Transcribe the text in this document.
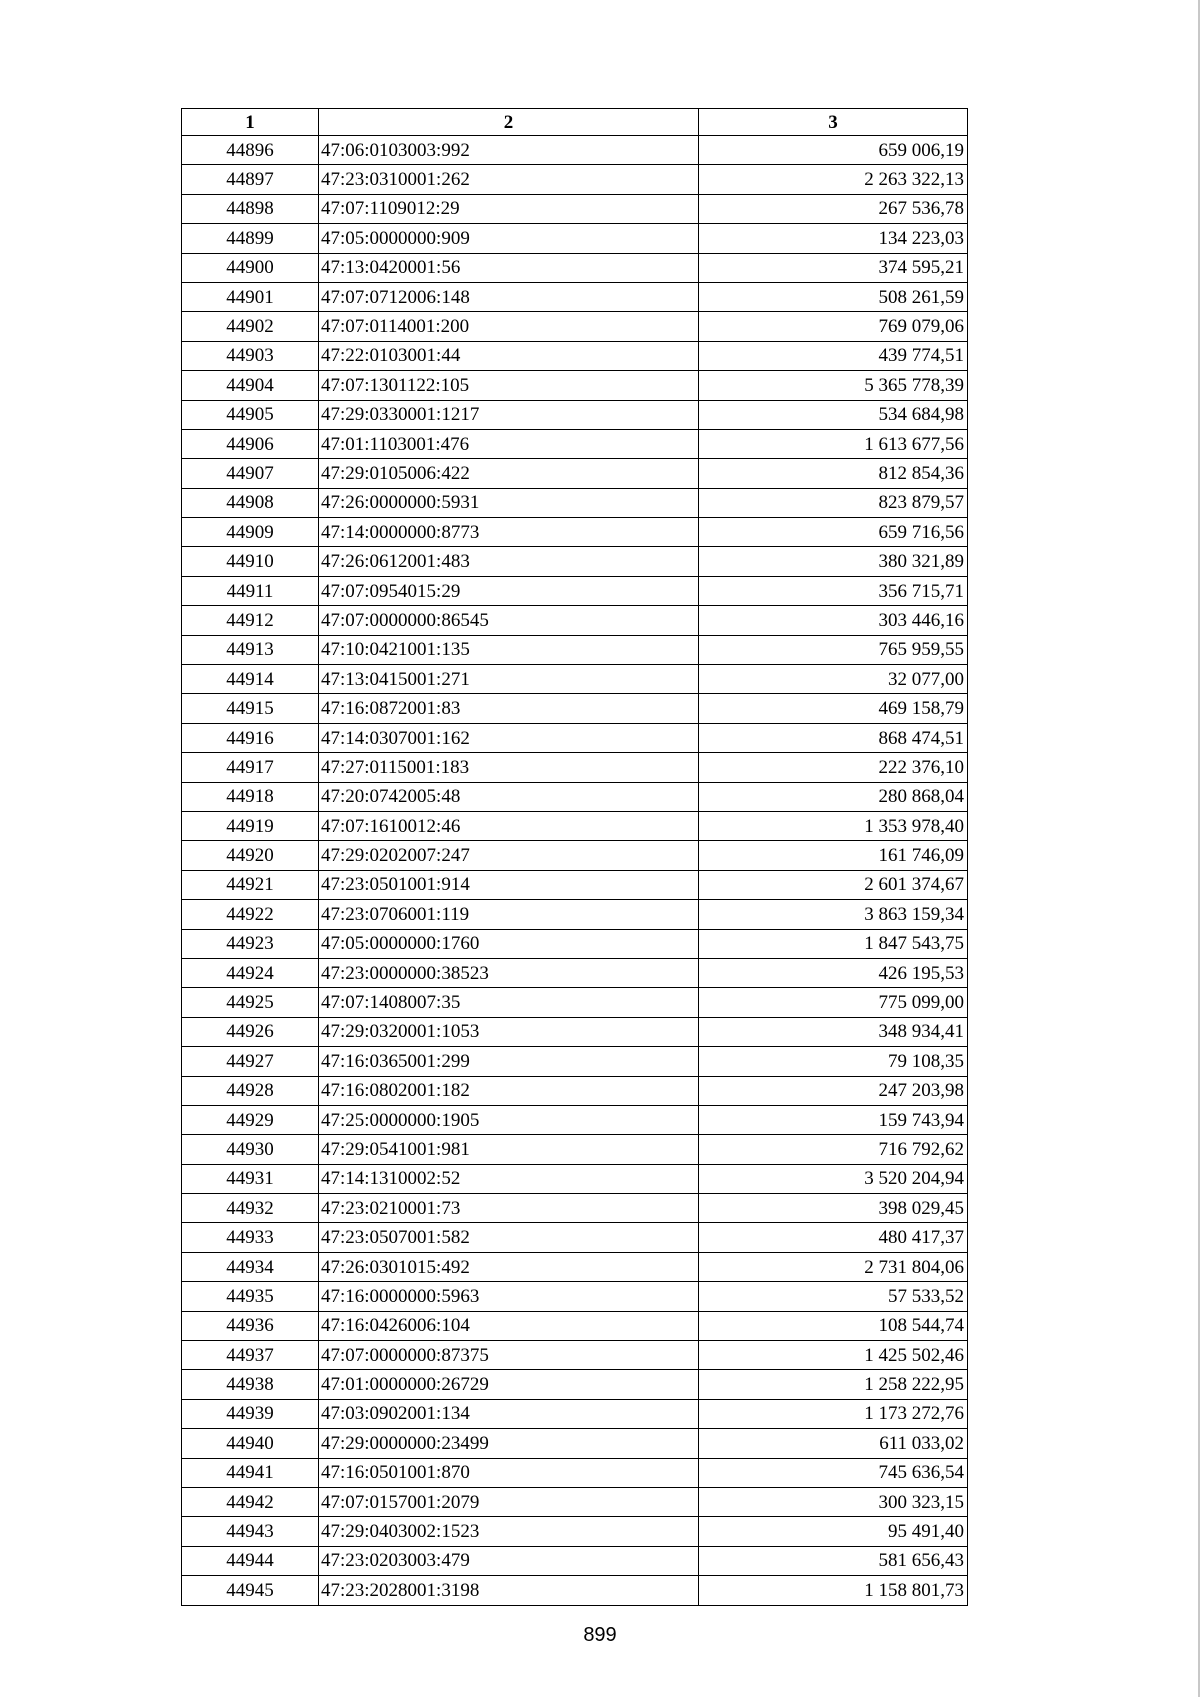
1	2	3
44896	47:06:0103003:992	659 006,19
44897	47:23:0310001:262	2 263 322,13
44898	47:07:1109012:29	267 536,78
44899	47:05:0000000:909	134 223,03
44900	47:13:0420001:56	374 595,21
44901	47:07:0712006:148	508 261,59
44902	47:07:0114001:200	769 079,06
44903	47:22:0103001:44	439 774,51
44904	47:07:1301122:105	5 365 778,39
44905	47:29:0330001:1217	534 684,98
44906	47:01:1103001:476	1 613 677,56
44907	47:29:0105006:422	812 854,36
44908	47:26:0000000:5931	823 879,57
44909	47:14:0000000:8773	659 716,56
44910	47:26:0612001:483	380 321,89
44911	47:07:0954015:29	356 715,71
44912	47:07:0000000:86545	303 446,16
44913	47:10:0421001:135	765 959,55
44914	47:13:0415001:271	32 077,00
44915	47:16:0872001:83	469 158,79
44916	47:14:0307001:162	868 474,51
44917	47:27:0115001:183	222 376,10
44918	47:20:0742005:48	280 868,04
44919	47:07:1610012:46	1 353 978,40
44920	47:29:0202007:247	161 746,09
44921	47:23:0501001:914	2 601 374,67
44922	47:23:0706001:119	3 863 159,34
44923	47:05:0000000:1760	1 847 543,75
44924	47:23:0000000:38523	426 195,53
44925	47:07:1408007:35	775 099,00
44926	47:29:0320001:1053	348 934,41
44927	47:16:0365001:299	79 108,35
44928	47:16:0802001:182	247 203,98
44929	47:25:0000000:1905	159 743,94
44930	47:29:0541001:981	716 792,62
44931	47:14:1310002:52	3 520 204,94
44932	47:23:0210001:73	398 029,45
44933	47:23:0507001:582	480 417,37
44934	47:26:0301015:492	2 731 804,06
44935	47:16:0000000:5963	57 533,52
44936	47:16:0426006:104	108 544,74
44937	47:07:0000000:87375	1 425 502,46
44938	47:01:0000000:26729	1 258 222,95
44939	47:03:0902001:134	1 173 272,76
44940	47:29:0000000:23499	611 033,02
44941	47:16:0501001:870	745 636,54
44942	47:07:0157001:2079	300 323,15
44943	47:29:0403002:1523	95 491,40
44944	47:23:0203003:479	581 656,43
44945	47:23:2028001:3198	1 158 801,73
899
